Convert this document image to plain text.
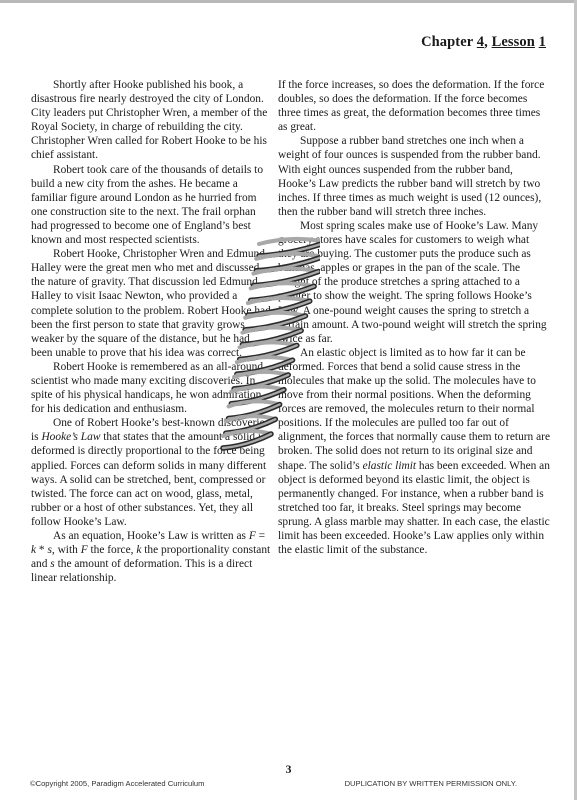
Chapter 4, Lesson 1

Shortly after Hooke published his book, a disastrous fire nearly destroyed the city of London. City leaders put Christopher Wren, a member of the Royal Society, in charge of rebuilding the city. Christopher Wren called for Robert Hooke to be his chief assistant.

Robert took care of the thousands of details to build a new city from the ashes. He became a familiar figure around London as he hurried from one construction site to the next. The frail orphan had progressed to become one of England’s best known and most respected scientists.

Robert Hooke, Christopher Wren and Edmund Halley were the great men who met and discussed the nature of gravity. That discussion led Edmund Halley to visit Isaac Newton, who provided a complete solution to the problem. Robert Hooke had been the first person to state that gravity grows weaker by the square of the distance, but he had been unable to prove that his idea was correct.

Robert Hooke is remembered as an all-around scientist who made many exciting discoveries. In spite of his physical handicaps, he won admiration for his dedication and enthusiasm.

One of Robert Hooke’s best-known discoveries is Hooke’s Law that states that the amount a solid is deformed is directly proportional to the force being applied. Forces can deform solids in many different ways. A solid can be stretched, bent, compressed or twisted. The force can act on wood, glass, metal, rubber or a host of other substances. Yet, they all follow Hooke’s Law.

As an equation, Hooke’s Law is written as F = k * s, with F the force, k the proportionality constant and s the amount of deformation. This is a direct linear relationship.

If the force increases, so does the deformation. If the force doubles, so does the deformation. If the force becomes three times as great, the deformation becomes three times as great.

Suppose a rubber band stretches one inch when a weight of four ounces is suspended from the rubber band. With eight ounces suspended from the rubber band, Hooke’s Law predicts the rubber band will stretch by two inches. If three times as much weight is used (12 ounces), then the rubber band will stretch three inches.

Most spring scales make use of Hooke’s Law. Many grocery stores have scales for customers to weigh what they are buying. The customer puts the produce such as bananas, apples or grapes in the pan of the scale. The weight of the produce stretches a spring attached to a pointer to show the weight. The spring follows Hooke’s Law. A one-pound weight causes the spring to stretch a certain amount. A two-pound weight will stretch the spring twice as far.

An elastic object is limited as to how far it can be deformed. Forces that bend a solid cause stress in the molecules that make up the solid. The molecules have to move from their normal positions. When the deforming forces are removed, the molecules return to their normal positions. If the molecules are pulled too far out of alignment, the forces that normally cause them to return are broken. The solid does not return to its original size and shape. The solid’s elastic limit has been exceeded. When an object is deformed beyond its elastic limit, the object is permanently changed. For instance, when a rubber band is stretched too far, it breaks. Steel springs may become sprung. A glass marble may shatter. In each case, the elastic limit has been exceeded. Hooke’s Law applies only within the elastic limit of the substance.

3
©Copyright 2005, Paradigm Accelerated Curriculum	DUPLICATION BY WRITTEN PERMISSION ONLY.
